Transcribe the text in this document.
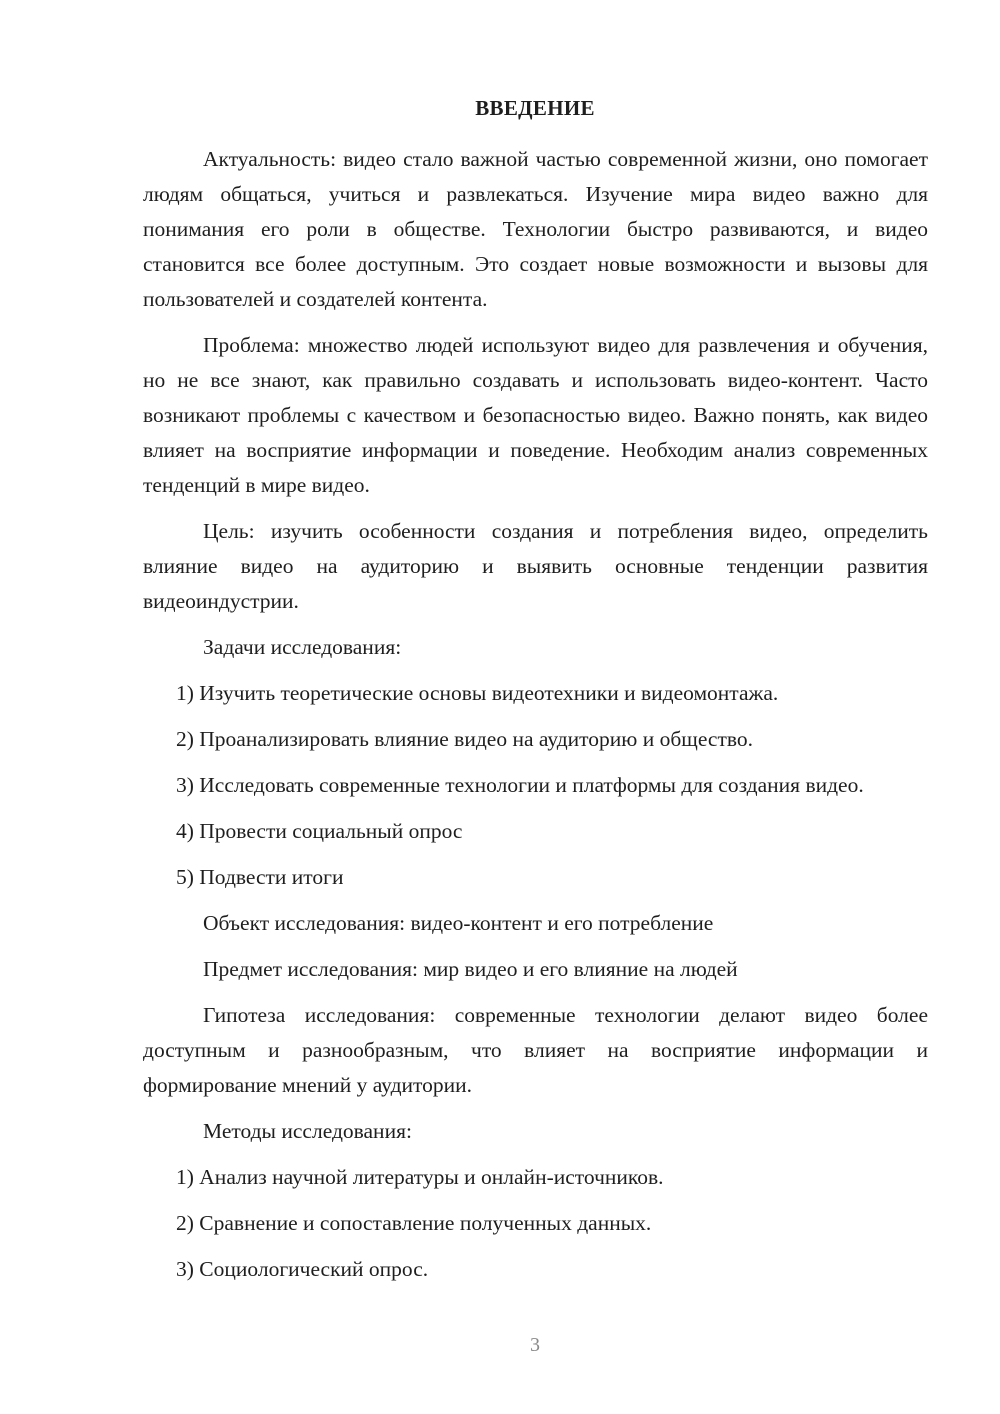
ВВЕДЕНИЕ

Актуальность: видео стало важной частью современной жизни, оно помогает людям общаться, учиться и развлекаться. Изучение мира видео важно для понимания его роли в обществе. Технологии быстро развиваются, и видео становится все более доступным. Это создает новые возможности и вызовы для пользователей и создателей контента.

Проблема: множество людей используют видео для развлечения и обучения, но не все знают, как правильно создавать и использовать видео-контент. Часто возникают проблемы с качеством и безопасностью видео. Важно понять, как видео влияет на восприятие информации и поведение. Необходим анализ современных тенденций в мире видео.

Цель: изучить особенности создания и потребления видео, определить влияние видео на аудиторию и выявить основные тенденции развития видеоиндустрии.

Задачи исследования:

1) Изучить теоретические основы видеотехники и видеомонтажа.

2) Проанализировать влияние видео на аудиторию и общество.

3) Исследовать современные технологии и платформы для создания видео.

4) Провести социальный опрос

5) Подвести итоги

Объект исследования: видео-контент и его потребление

Предмет исследования: мир видео и его влияние на людей

Гипотеза исследования: современные технологии делают видео более доступным и разнообразным, что влияет на восприятие информации и формирование мнений у аудитории.

Методы исследования:

1) Анализ научной литературы и онлайн-источников.

2) Сравнение и сопоставление полученных данных.

3) Социологический опрос.

3
